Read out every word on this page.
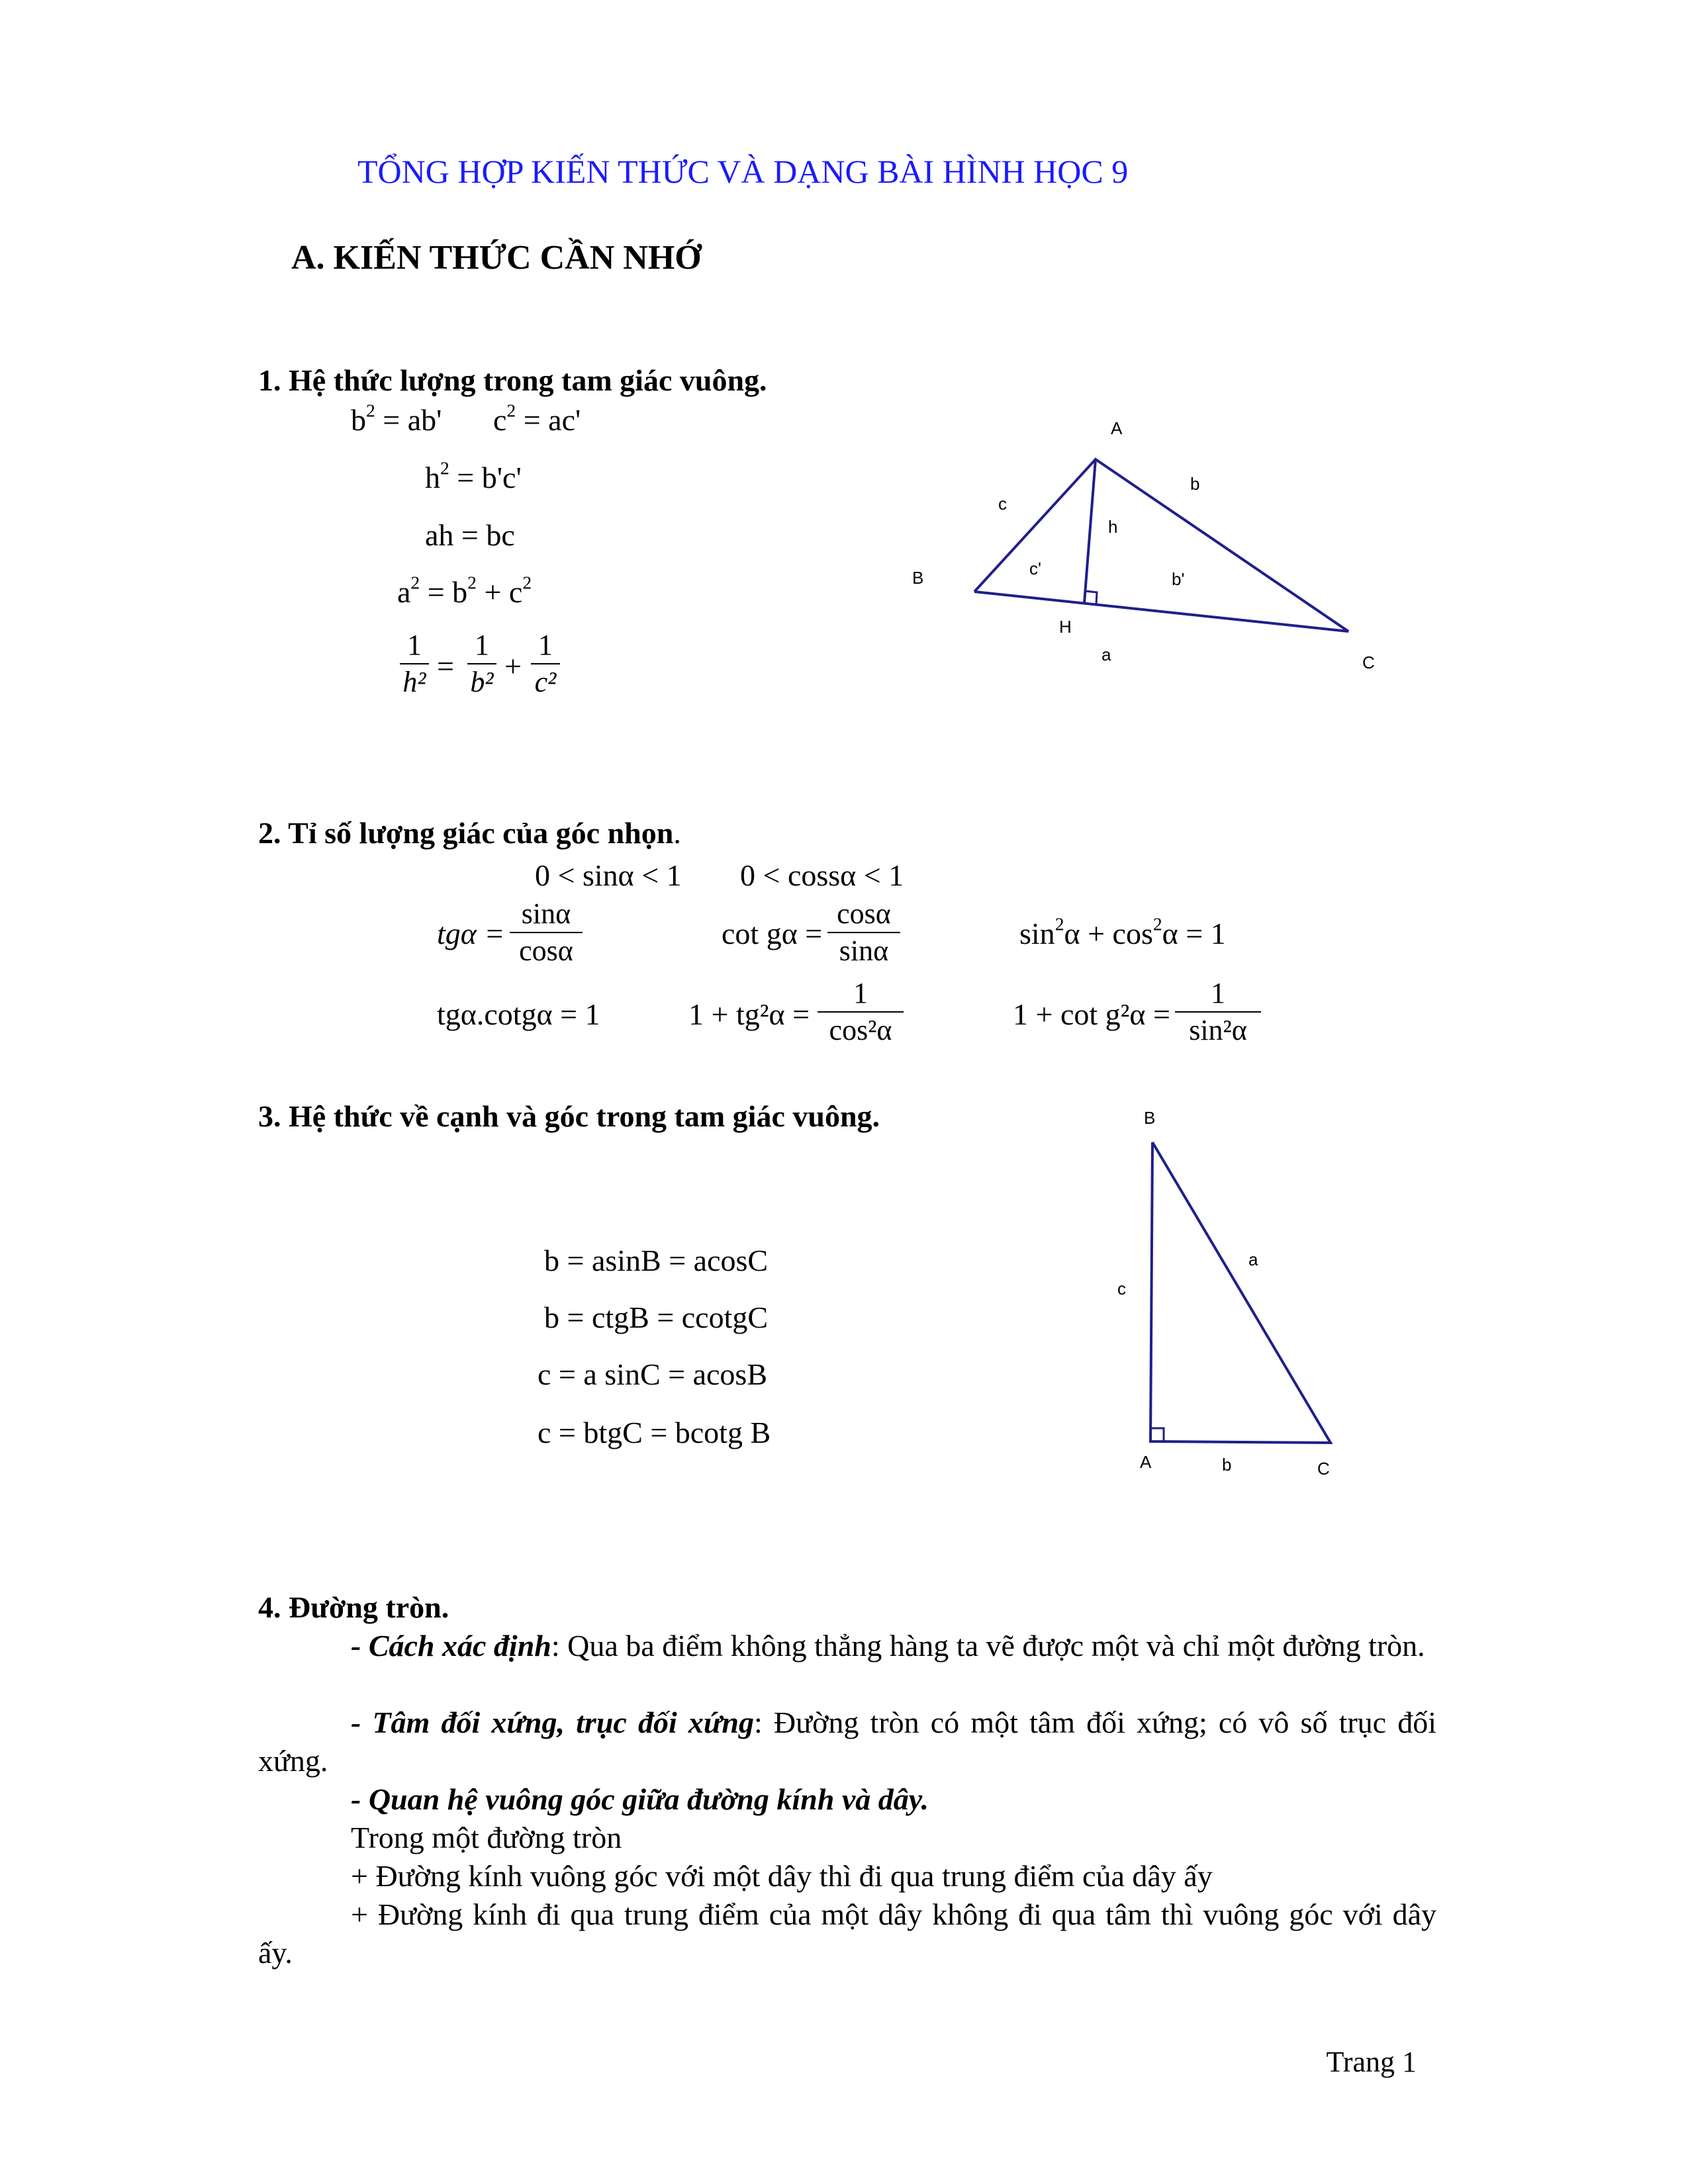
TỔNG HỢP KIẾN THỨC VÀ DẠNG BÀI HÌNH HỌC 9
A. KIẾN THỨC CẦN NHỚ
1. Hệ thức lượng trong tam giác vuông.
$b^2 = ab'$ $c^2 = ac'$
$h^2 = b'c'$
ah = bc
$a^2 = b^2 + c^2$
1
h² =
1
b² +
1
c²
A
B
C
H
c
b
h
c'
b'
a
2. Tỉ số lượng giác của góc nhọn.
0 < sinα < 1 0 < cossα < 1
tgα =
sinα
cosα
cot gα =
cosα
sinα
$\sin^2\alpha + \cos^2\alpha = 1$
tgα.cotgα = 1	1 + tg²α =
1
cos²α	1 + cot g²α =
1
sin²α
3. Hệ thức về cạnh và góc trong tam giác vuông.
b = asinB = acosC
b = ctgB = ccotgC
c = a sinC = acosB
c = btgC = bcotg B
B
a
c
A	b	C
4. Đường tròn.
- Cách xác định: Qua ba điểm không thẳng hàng ta vẽ được một và chỉ một đường tròn.
- Tâm đối xứng, trục đối xứng: Đường tròn có một tâm đối xứng; có vô số trục đối xứng.
- Quan hệ vuông góc giữa đường kính và dây.
Trong một đường tròn
+ Đường kính vuông góc với một dây thì đi qua trung điểm của dây ấy
+ Đường kính đi qua trung điểm của một dây không đi qua tâm thì vuông góc với dây ấy.
Trang 1
